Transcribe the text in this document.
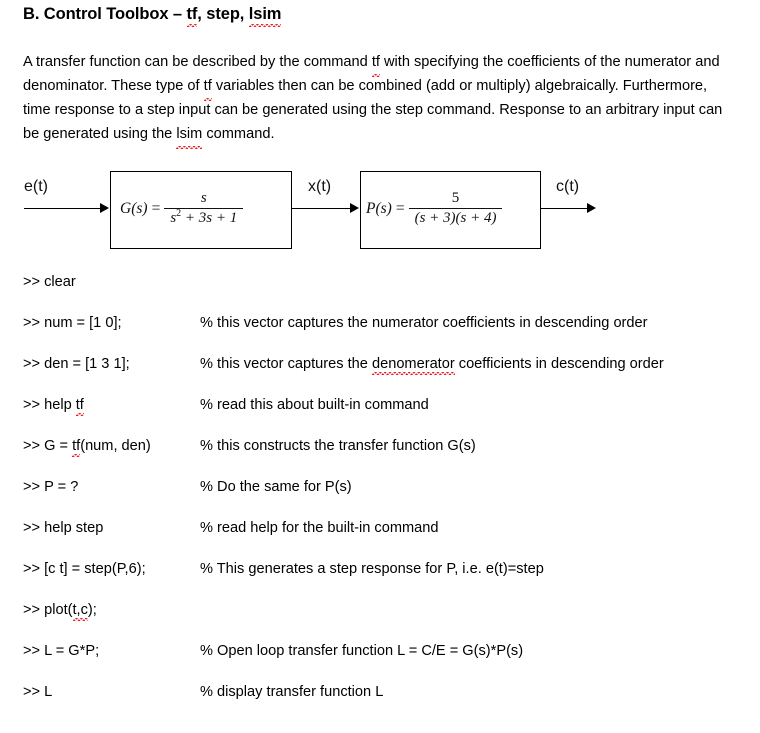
B. Control Toolbox – tf, step, lsim
A transfer function can be described by the command tf with specifying the coefficients of the numerator and denominator. These type of tf variables then can be combined (add or multiply) algebraically. Furthermore, time response to a step input can be generated using the step command. Response to an arbitrary input can be generated using the lsim command.
e(t)
$G(s) = \frac{s}{s^2 + 3s + 1}$
x(t)
$P(s) = \frac{5}{(s + 3)(s + 4)}$
c(t)
>> clear
>> num = [1 0];	% this vector captures the numerator coefficients in descending order
>> den = [1 3 1];	% this vector captures the denomerator coefficients in descending order
>> help tf	% read this about built-in command
>> G = tf(num, den)	% this constructs the transfer function G(s)
>> P = ?	% Do the same for P(s)
>> help step	% read help for the built-in command
>> [c t] = step(P,6);	% This generates a step response for P, i.e. e(t)=step
>> plot(t,c);
>> L = G*P;	% Open loop transfer function L = C/E = G(s)*P(s)
>> L	% display transfer function L
